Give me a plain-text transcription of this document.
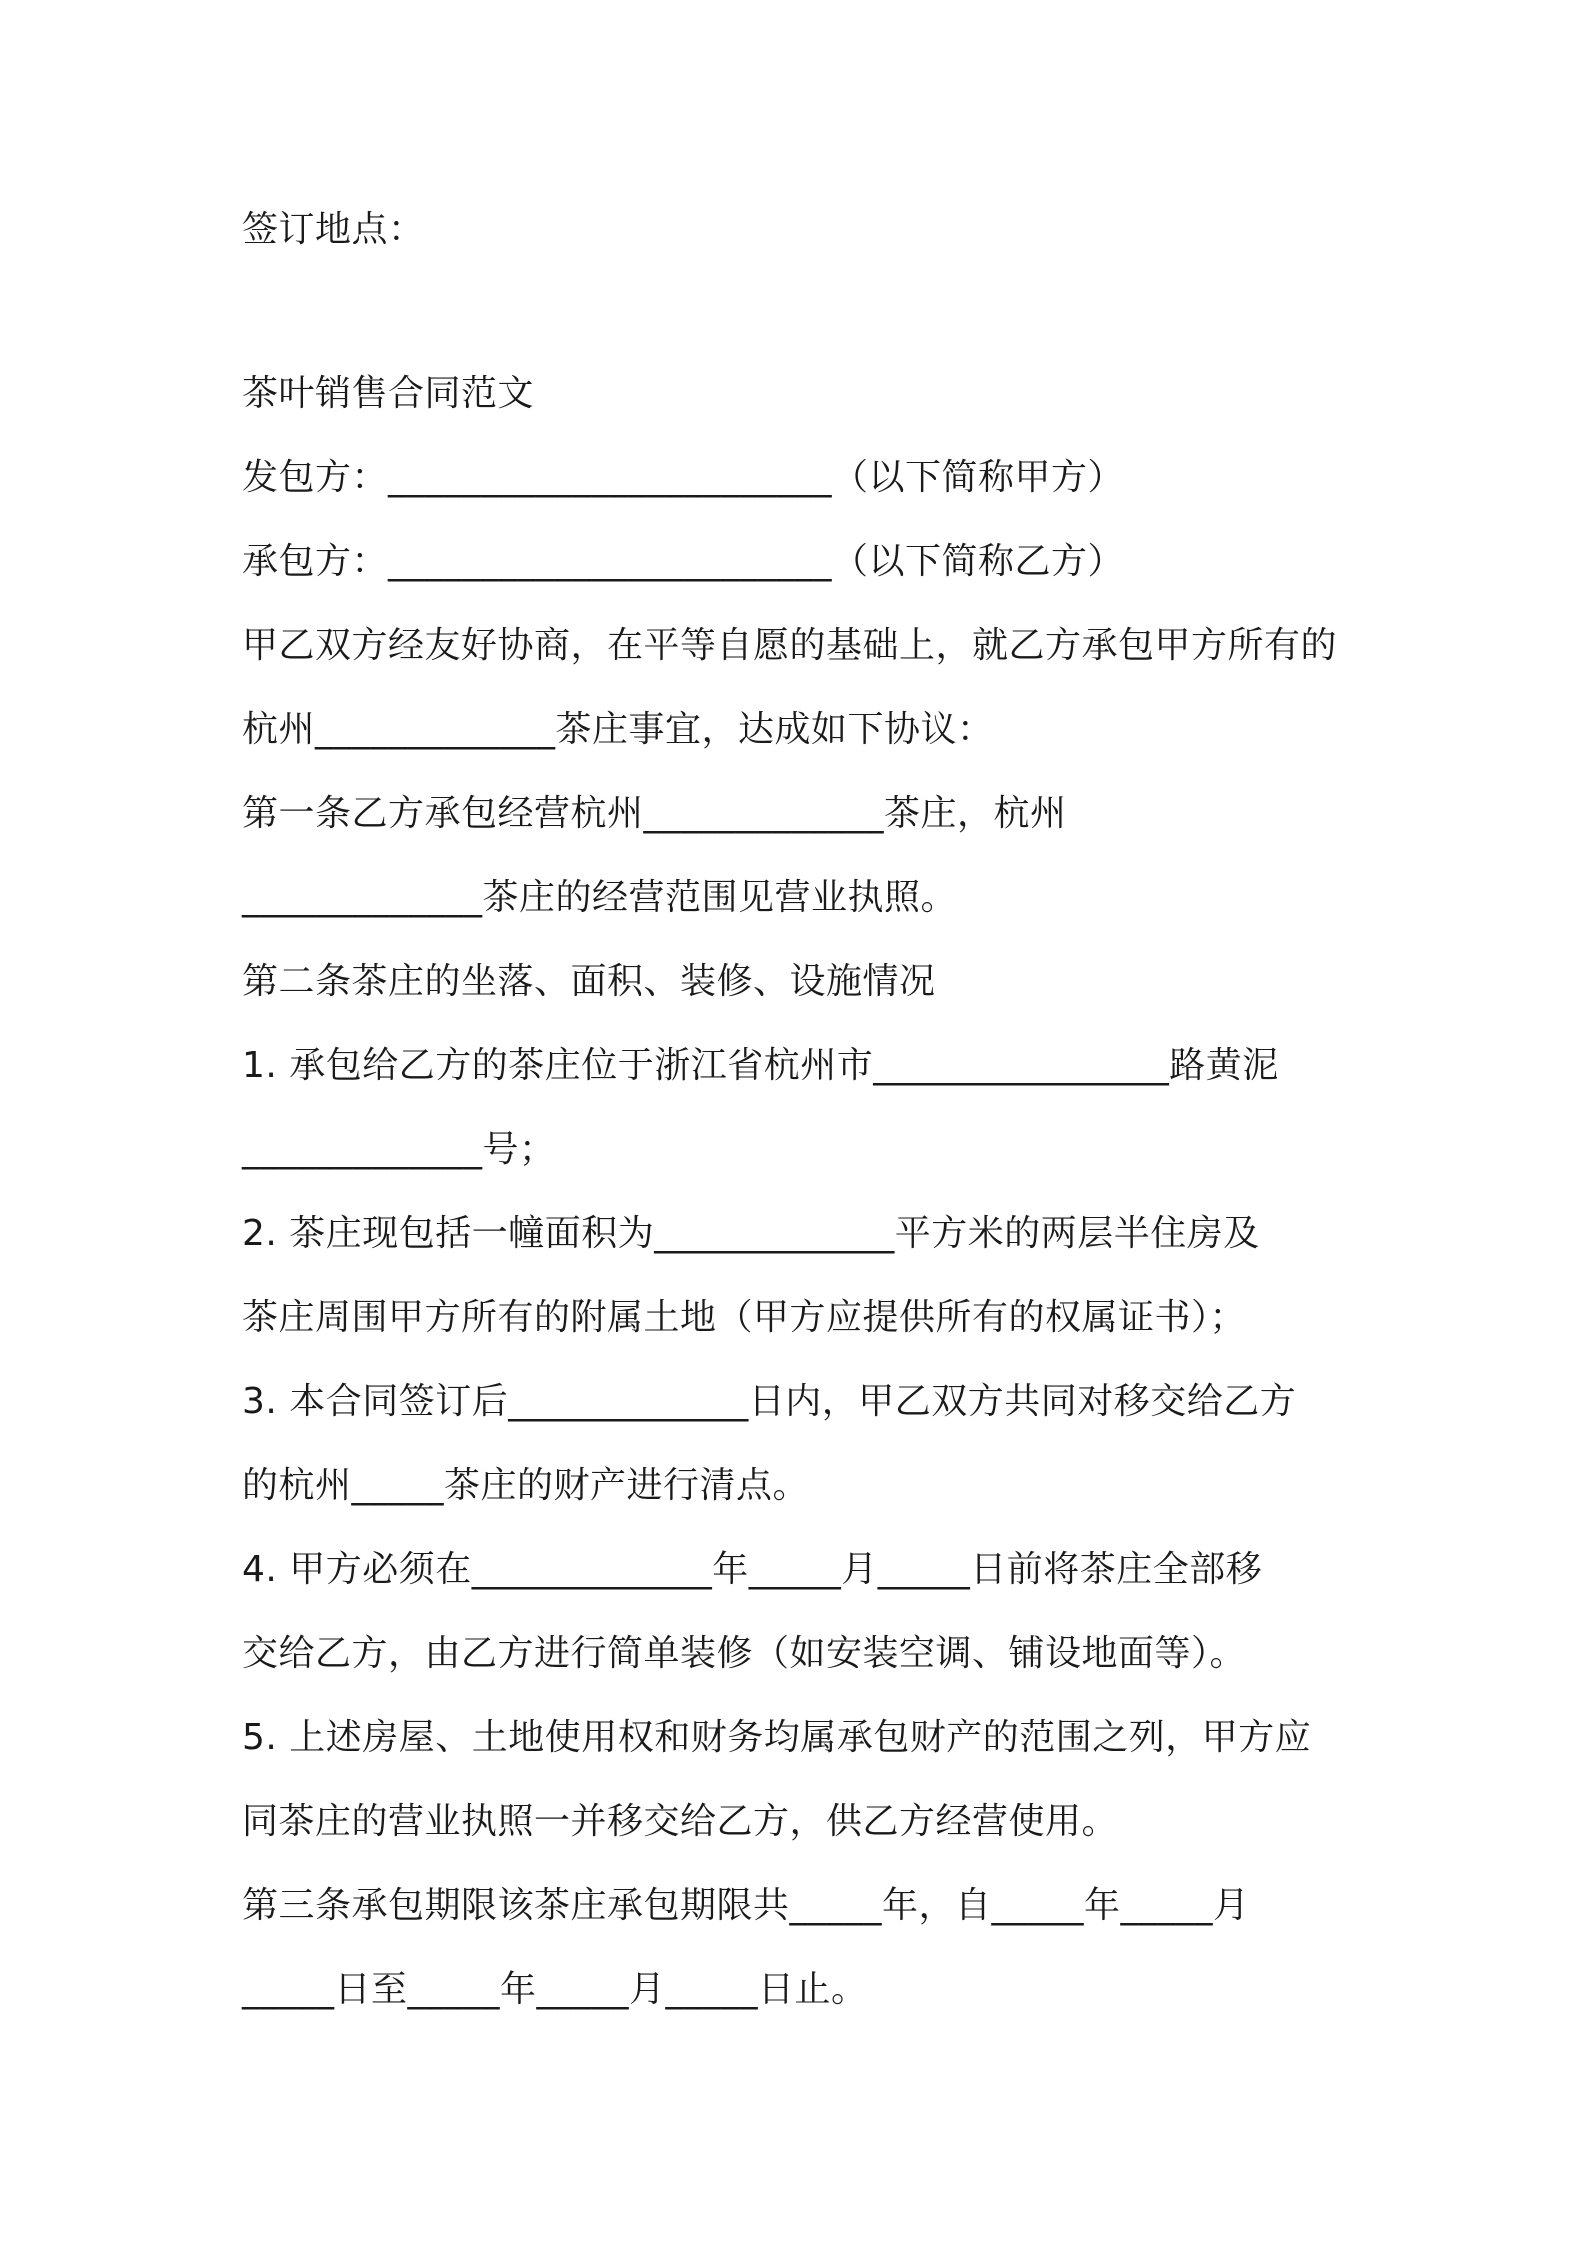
签订地点：
茶叶销售合同范文
发包方：________________________（以下简称甲方）
承包方：________________________（以下简称乙方）
甲乙双方经友好协商，在平等自愿的基础上，就乙方承包甲方所有的
杭州_____________茶庄事宜，达成如下协议：
第一条乙方承包经营杭州_____________茶庄，杭州
_____________茶庄的经营范围见营业执照。
第二条茶庄的坐落、面积、装修、设施情况
1. 承包给乙方的茶庄位于浙江省杭州市________________路黄泥
_____________号；
2. 茶庄现包括一幢面积为_____________平方米的两层半住房及
茶庄周围甲方所有的附属土地（甲方应提供所有的权属证书）；
3. 本合同签订后_____________日内，甲乙双方共同对移交给乙方
的杭州_____茶庄的财产进行清点。
4. 甲方必须在_____________年_____月_____日前将茶庄全部移
交给乙方，由乙方进行简单装修（如安装空调、铺设地面等）。
5. 上述房屋、土地使用权和财务均属承包财产的范围之列，甲方应
同茶庄的营业执照一并移交给乙方，供乙方经营使用。
第三条承包期限该茶庄承包期限共_____年，自_____年_____月
_____日至_____年_____月_____日止。
